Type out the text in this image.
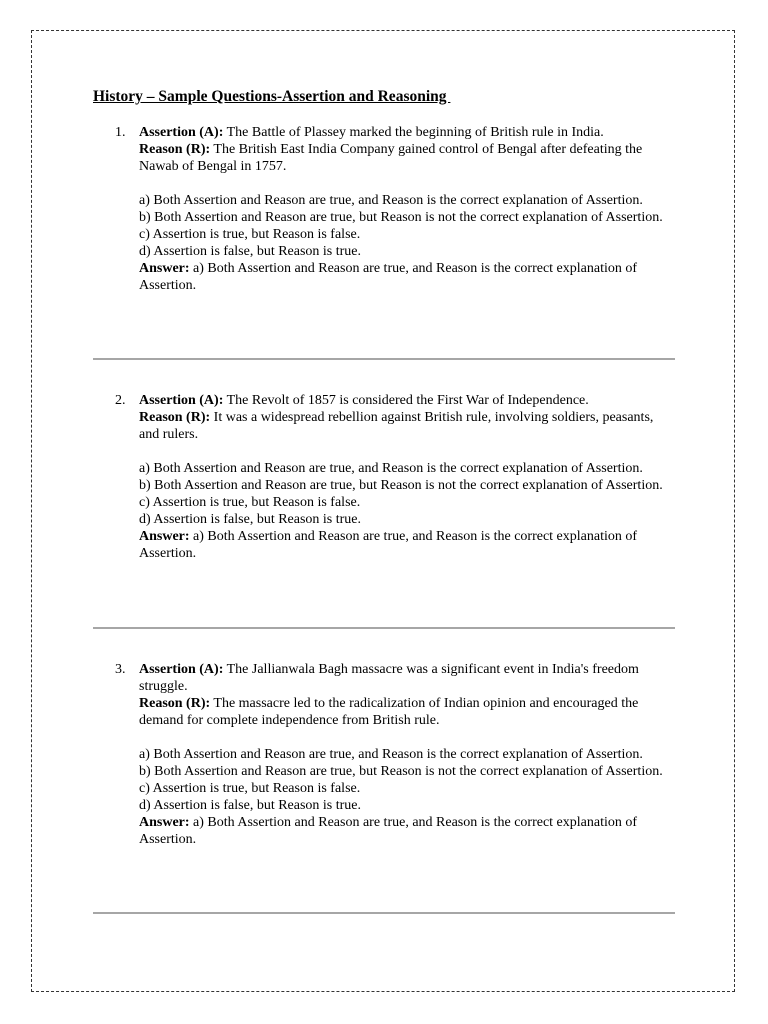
History – Sample Questions-Assertion and Reasoning
1. Assertion (A): The Battle of Plassey marked the beginning of British rule in India.

Reason (R): The British East India Company gained control of Bengal after defeating the Nawab of Bengal in 1757.

a) Both Assertion and Reason are true, and Reason is the correct explanation of Assertion.

b) Both Assertion and Reason are true, but Reason is not the correct explanation of Assertion.

c) Assertion is true, but Reason is false.

d) Assertion is false, but Reason is true.

Answer: a) Both Assertion and Reason are true, and Reason is the correct explanation of Assertion.

2. Assertion (A): The Revolt of 1857 is considered the First War of Independence.

Reason (R): It was a widespread rebellion against British rule, involving soldiers, peasants, and rulers.

a) Both Assertion and Reason are true, and Reason is the correct explanation of Assertion.

b) Both Assertion and Reason are true, but Reason is not the correct explanation of Assertion.

c) Assertion is true, but Reason is false.

d) Assertion is false, but Reason is true.

Answer: a) Both Assertion and Reason are true, and Reason is the correct explanation of Assertion.

3. Assertion (A): The Jallianwala Bagh massacre was a significant event in India's freedom struggle.

Reason (R): The massacre led to the radicalization of Indian opinion and encouraged the demand for complete independence from British rule.

a) Both Assertion and Reason are true, and Reason is the correct explanation of Assertion.

b) Both Assertion and Reason are true, but Reason is not the correct explanation of Assertion.

c) Assertion is true, but Reason is false.

d) Assertion is false, but Reason is true.

Answer: a) Both Assertion and Reason are true, and Reason is the correct explanation of Assertion.
